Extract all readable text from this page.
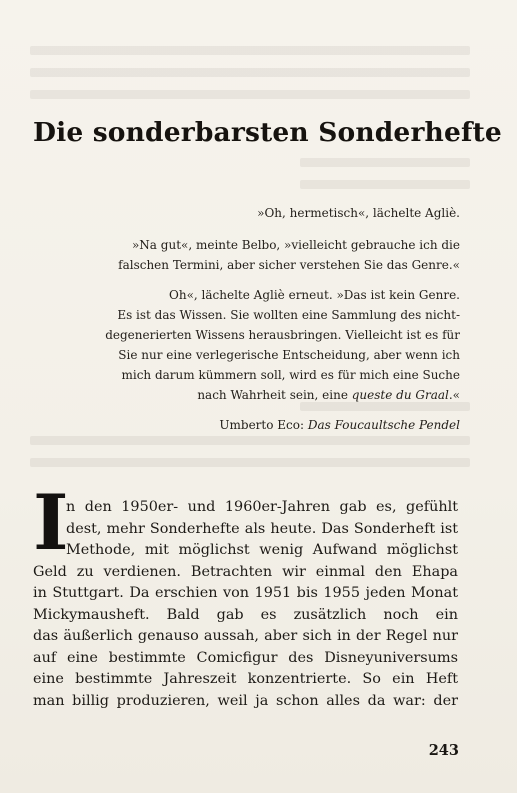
Die sonderbarsten Sonderhefte

»Oh, hermetisch«, lächelte Agliè.

»Na gut«, meinte Belbo, »vielleicht gebrauche ich die
falschen Termini, aber sicher verstehen Sie das Genre.«

Oh«, lächelte Agliè erneut. »Das ist kein Genre.
Es ist das Wissen. Sie wollten eine Sammlung des nicht-
degenerierten Wissens herausbringen. Vielleicht ist es für
Sie nur eine verlegerische Entscheidung, aber wenn ich
mich darum kümmern soll, wird es für mich eine Suche
nach Wahrheit sein, eine queste du Graal.«

Umberto Eco: Das Foucaultsche Pendel

I
n den 1950er- und 1960er-Jahren gab es, gefühlt
dest, mehr Sonderhefte als heute. Das Sonderheft ist
Methode, mit möglichst wenig Aufwand möglichst
Geld zu verdienen. Betrachten wir einmal den Ehapa
in Stuttgart. Da erschien von 1951 bis 1955 jeden Monat
Mickymausheft. Bald gab es zusätzlich noch ein
das äußerlich genauso aussah, aber sich in der Regel nur
auf eine bestimmte Comicfigur des Disneyuniversums
eine bestimmte Jahreszeit konzentrierte. So ein Heft
man billig produzieren, weil ja schon alles da war: der
243
